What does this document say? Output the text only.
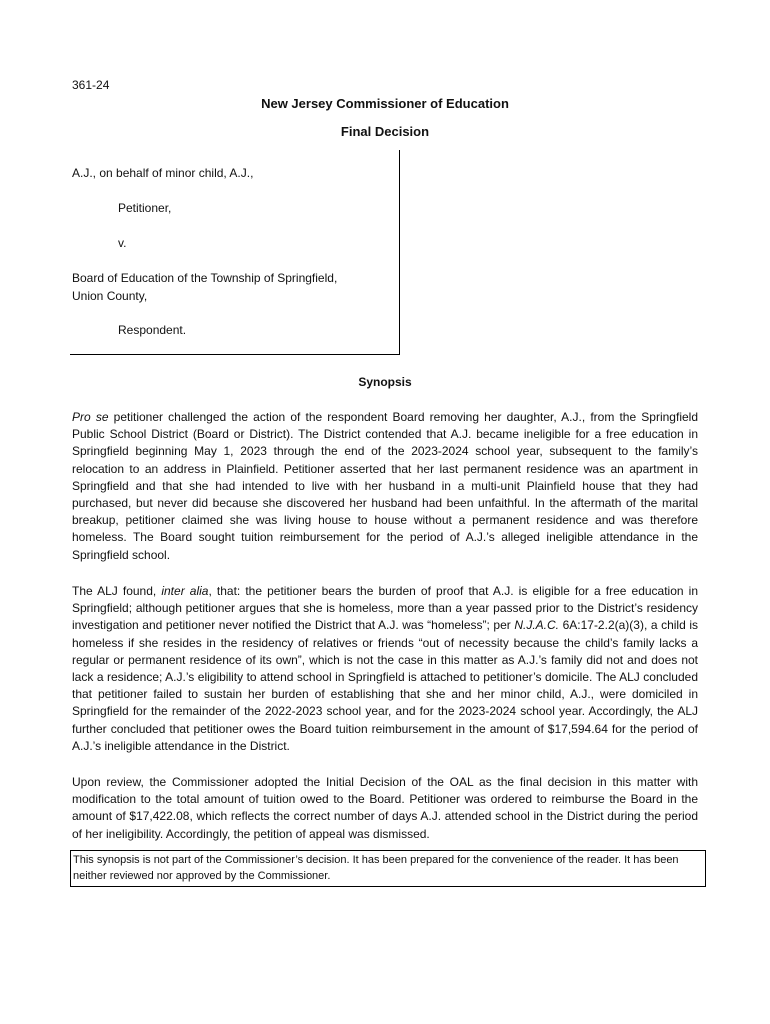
361-24
New Jersey Commissioner of Education
Final Decision
A.J., on behalf of minor child, A.J.,
Petitioner,
v.
Board of Education of the Township of Springfield,
Union County,
Respondent.
Synopsis

Pro se petitioner challenged the action of the respondent Board removing her daughter, A.J., from the Springfield Public School District (Board or District). The District contended that A.J. became ineligible for a free education in Springfield beginning May 1, 2023 through the end of the 2023-2024 school year, subsequent to the family’s relocation to an address in Plainfield. Petitioner asserted that her last permanent residence was an apartment in Springfield and that she had intended to live with her husband in a multi-unit Plainfield house that they had purchased, but never did because she discovered her husband had been unfaithful. In the aftermath of the marital breakup, petitioner claimed she was living house to house without a permanent residence and was therefore homeless. The Board sought tuition reimbursement for the period of A.J.’s alleged ineligible attendance in the Springfield school.

The ALJ found, inter alia, that: the petitioner bears the burden of proof that A.J. is eligible for a free education in Springfield; although petitioner argues that she is homeless, more than a year passed prior to the District’s residency investigation and petitioner never notified the District that A.J. was “homeless”; per N.J.A.C. 6A:17-2.2(a)(3), a child is homeless if she resides in the residency of relatives or friends “out of necessity because the child’s family lacks a regular or permanent residence of its own”, which is not the case in this matter as A.J.’s family did not and does not lack a residence; A.J.’s eligibility to attend school in Springfield is attached to petitioner’s domicile. The ALJ concluded that petitioner failed to sustain her burden of establishing that she and her minor child, A.J., were domiciled in Springfield for the remainder of the 2022-2023 school year, and for the 2023-2024 school year. Accordingly, the ALJ further concluded that petitioner owes the Board tuition reimbursement in the amount of $17,594.64 for the period of A.J.’s ineligible attendance in the District.

Upon review, the Commissioner adopted the Initial Decision of the OAL as the final decision in this matter with modification to the total amount of tuition owed to the Board. Petitioner was ordered to reimburse the Board in the amount of $17,422.08, which reflects the correct number of days A.J. attended school in the District during the period of her ineligibility. Accordingly, the petition of appeal was dismissed.

This synopsis is not part of the Commissioner’s decision. It has been prepared for the convenience of the reader. It has been neither reviewed nor approved by the Commissioner.
